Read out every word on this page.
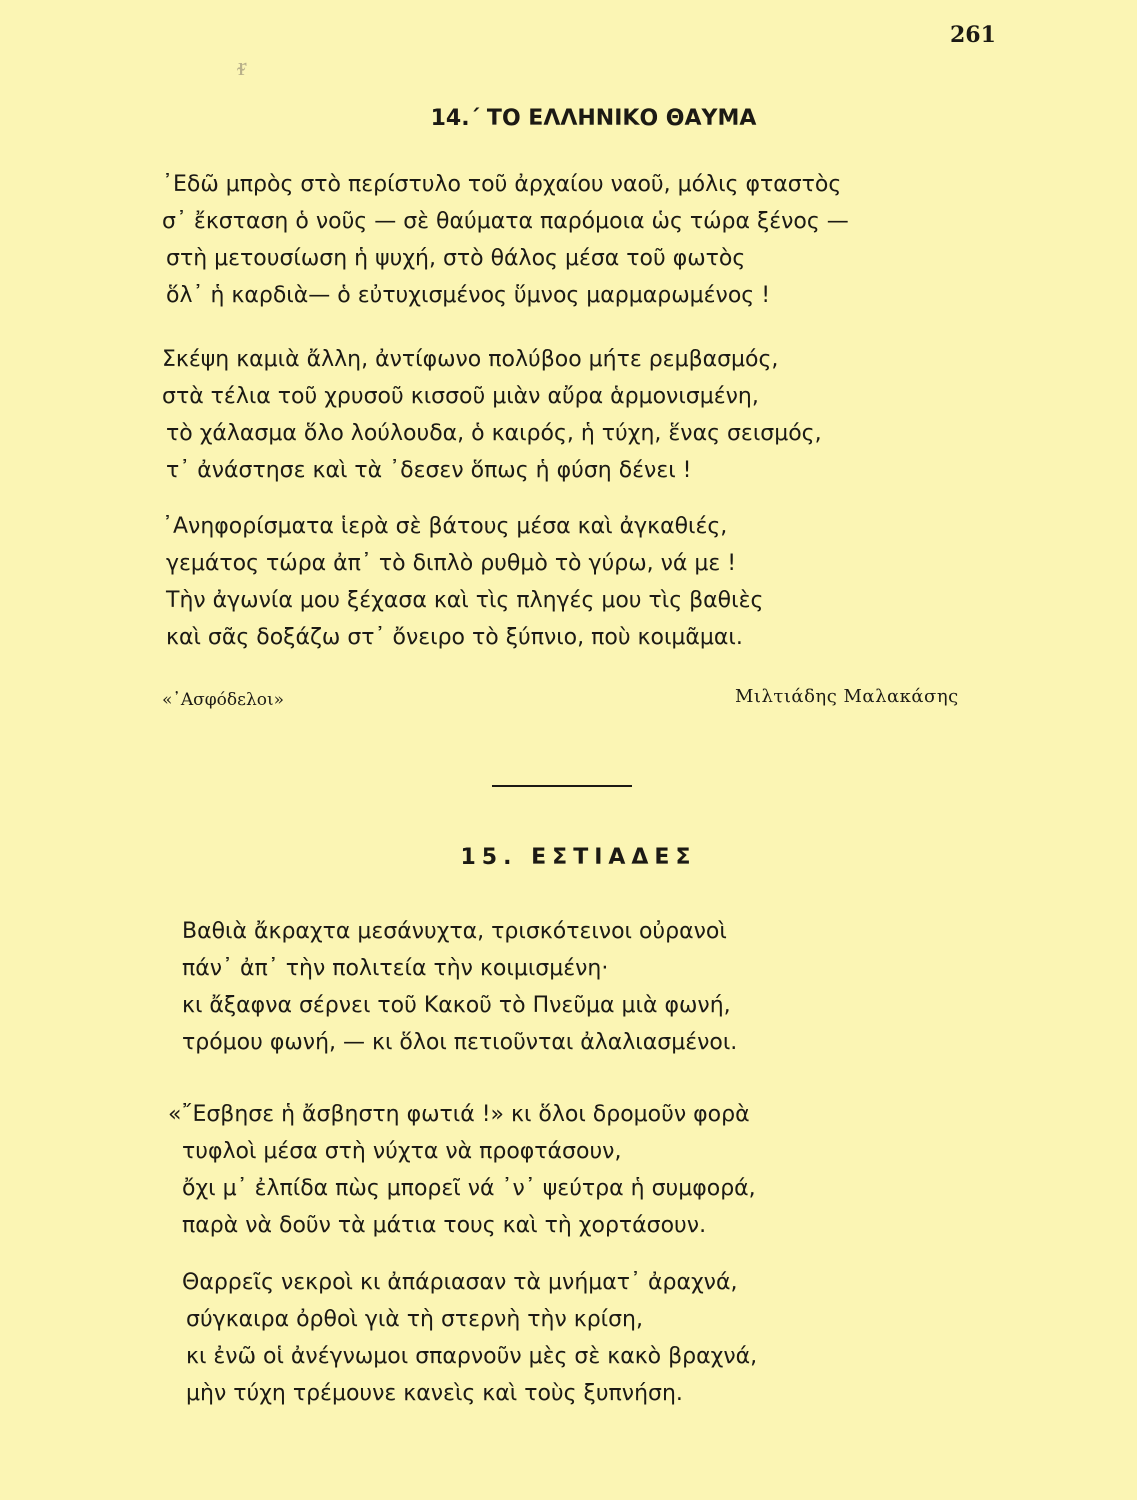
261
ᵲ
14.΄ ΤΟ ΕΛΛΗΝΙΚΟ ΘΑΥΜΑ
᾿Εδῶ μπρὸς στὸ περίστυλο τοῦ ἀρχαίου ναοῦ, μόλις φταστὸς
σ᾿ ἔκσταση ὁ νοῦς — σὲ θαύματα παρόμοια ὡς τώρα ξένος —
στὴ μετουσίωση ἡ ψυχή, στὸ θάλος μέσα τοῦ φωτὸς
ὅλ᾿ ἡ καρδιὰ— ὁ εὐτυχισμένος ὕμνος μαρμαρωμένος !
Σκέψη καμιὰ ἄλλη, ἀντίφωνο πολύβοο μήτε ρεμβασμός,
στὰ τέλια τοῦ χρυσοῦ κισσοῦ μιὰν αὔρα ἁρμονισμένη,
τὸ χάλασμα ὅλο λούλουδα, ὁ καιρός, ἡ τύχη, ἕνας σεισμός,
τ᾿ ἀνάστησε καὶ τὰ ᾿δεσεν ὅπως ἡ φύση δένει !
᾿Ανηφορίσματα ἱερὰ σὲ βάτους μέσα καὶ ἀγκαθιές,
γεμάτος τώρα ἀπ᾿ τὸ διπλὸ ρυθμὸ τὸ γύρω, νά με !
Τὴν ἀγωνία μου ξέχασα καὶ τὶς πληγές μου τὶς βαθιὲς
καὶ σᾶς δοξάζω στ᾿ ὄνειρο τὸ ξύπνιο, ποὺ κοιμᾶμαι.
«᾿Ασφόδελοι»	Μιλτιάδης Μαλακάσης
15. ΕΣΤΙΑΔΕΣ
Βαθιὰ ἄκραχτα μεσάνυχτα, τρισκότεινοι οὐρανοὶ
πάν᾿ ἀπ᾿ τὴν πολιτεία τὴν κοιμισμένη·
κι ἄξαφνα σέρνει τοῦ Κακοῦ τὸ Πνεῦμα μιὰ φωνή,
τρόμου φωνή, — κι ὅλοι πετιοῦνται ἀλαλιασμένοι.
«῎Εσβησε ἡ ἄσβηστη φωτιά !» κι ὅλοι δρομοῦν φορὰ
τυφλοὶ μέσα στὴ νύχτα νὰ προφτάσουν,
ὄχι μ᾿ ἐλπίδα πὼς μπορεῖ νά ᾿ν᾿ ψεύτρα ἡ συμφορά,
παρὰ νὰ δοῦν τὰ μάτια τους καὶ τὴ χορτάσουν.
Θαρρεῖς νεκροὶ κι ἀπάριασαν τὰ μνήματ᾿ ἀραχνά,
σύγκαιρα ὀρθοὶ γιὰ τὴ στερνὴ τὴν κρίση,
κι ἐνῶ οἱ ἀνέγνωμοι σπαρνοῦν μὲς σὲ κακὸ βραχνά,
μὴν τύχη τρέμουνε κανεὶς καὶ τοὺς ξυπνήση.
